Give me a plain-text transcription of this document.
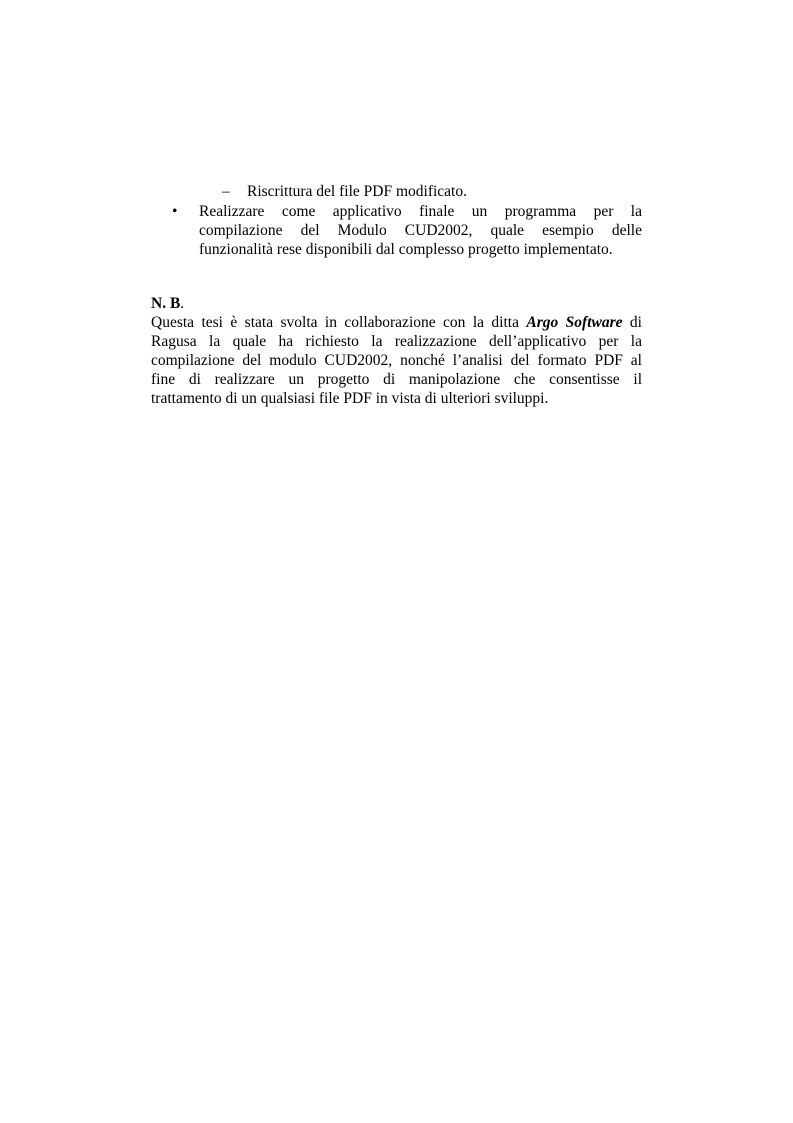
– Riscrittura del file PDF modificato.
• Realizzare come applicativo finale un programma per la
compilazione del Modulo CUD2002, quale esempio delle
funzionalità rese disponibili dal complesso progetto implementato.
N. B.
Questa tesi è stata svolta in collaborazione con la ditta Argo Software di
Ragusa la quale ha richiesto la realizzazione dell’applicativo per la
compilazione del modulo CUD2002, nonché l’analisi del formato PDF al
fine di realizzare un progetto di manipolazione che consentisse il
trattamento di un qualsiasi file PDF in vista di ulteriori sviluppi.
